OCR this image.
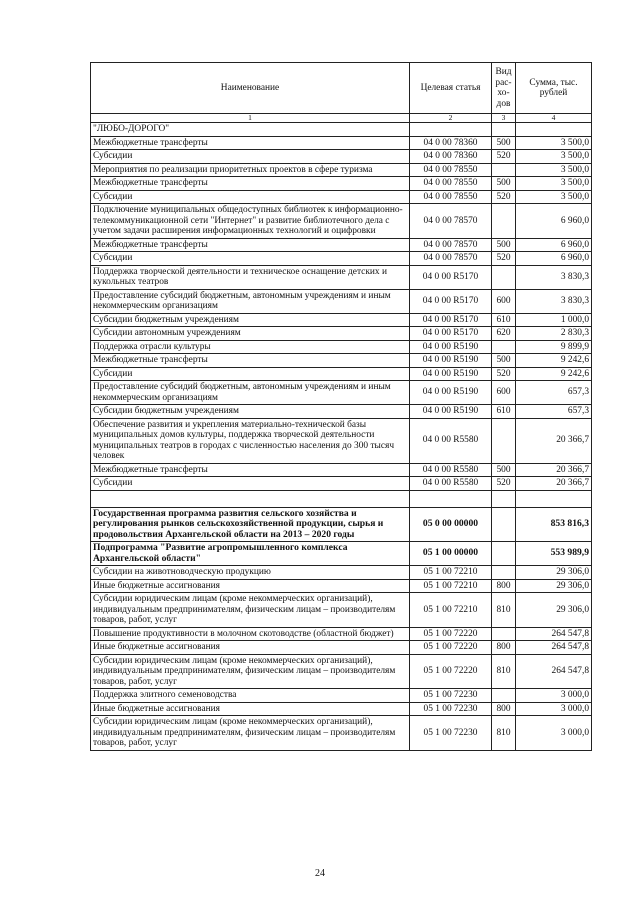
Наименование	Целевая статья	Вид рас-хо-дов	Сумма, тыс. рублей
1	2	3	4
"ЛЮБО-ДОРОГО"			
Межбюджетные трансферты	04 0 00 78360	500	3 500,0
Субсидии	04 0 00 78360	520	3 500,0
Мероприятия по реализации приоритетных проектов в сфере туризма	04 0 00 78550		3 500,0
Межбюджетные трансферты	04 0 00 78550	500	3 500,0
Субсидии	04 0 00 78550	520	3 500,0
Подключение муниципальных общедоступных библиотек к информационно-телекоммуникационной сети "Интернет" и развитие библиотечного дела с учетом задачи расширения информационных технологий и оцифровки	04 0 00 78570		6 960,0
Межбюджетные трансферты	04 0 00 78570	500	6 960,0
Субсидии	04 0 00 78570	520	6 960,0
Поддержка творческой деятельности и техническое оснащение детских и кукольных театров	04 0 00 R5170		3 830,3
Предоставление субсидий бюджетным, автономным учреждениям и иным некоммерческим организациям	04 0 00 R5170	600	3 830,3
Субсидии бюджетным учреждениям	04 0 00 R5170	610	1 000,0
Субсидии автономным учреждениям	04 0 00 R5170	620	2 830,3
Поддержка отрасли культуры	04 0 00 R5190		9 899,9
Межбюджетные трансферты	04 0 00 R5190	500	9 242,6
Субсидии	04 0 00 R5190	520	9 242,6
Предоставление субсидий бюджетным, автономным учреждениям и иным некоммерческим организациям	04 0 00 R5190	600	657,3
Субсидии бюджетным учреждениям	04 0 00 R5190	610	657,3
Обеспечение развития и укрепления материально-технической базы муниципальных домов культуры, поддержка творческой деятельности муниципальных театров в городах с численностью населения до 300 тысяч человек	04 0 00 R5580		20 366,7
Межбюджетные трансферты	04 0 00 R5580	500	20 366,7
Субсидии	04 0 00 R5580	520	20 366,7

Государственная программа развития сельского хозяйства и регулирования рынков сельскохозяйственной продукции, сырья и продовольствия Архангельской области на 2013 – 2020 годы	05 0 00 00000		853 816,3
Подпрограмма "Развитие агропромышленного комплекса Архангельской области"	05 1 00 00000		553 989,9
Субсидии на животноводческую продукцию	05 1 00 72210		29 306,0
Иные бюджетные ассигнования	05 1 00 72210	800	29 306,0
Субсидии юридическим лицам (кроме некоммерческих организаций), индивидуальным предпринимателям, физическим лицам – производителям товаров, работ, услуг	05 1 00 72210	810	29 306,0
Повышение продуктивности в молочном скотоводстве (областной бюджет)	05 1 00 72220		264 547,8
Иные бюджетные ассигнования	05 1 00 72220	800	264 547,8
Субсидии юридическим лицам (кроме некоммерческих организаций), индивидуальным предпринимателям, физическим лицам – производителям товаров, работ, услуг	05 1 00 72220	810	264 547,8
Поддержка элитного семеноводства	05 1 00 72230		3 000,0
Иные бюджетные ассигнования	05 1 00 72230	800	3 000,0
Субсидии юридическим лицам (кроме некоммерческих организаций), индивидуальным предпринимателям, физическим лицам – производителям товаров, работ, услуг	05 1 00 72230	810	3 000,0
24
